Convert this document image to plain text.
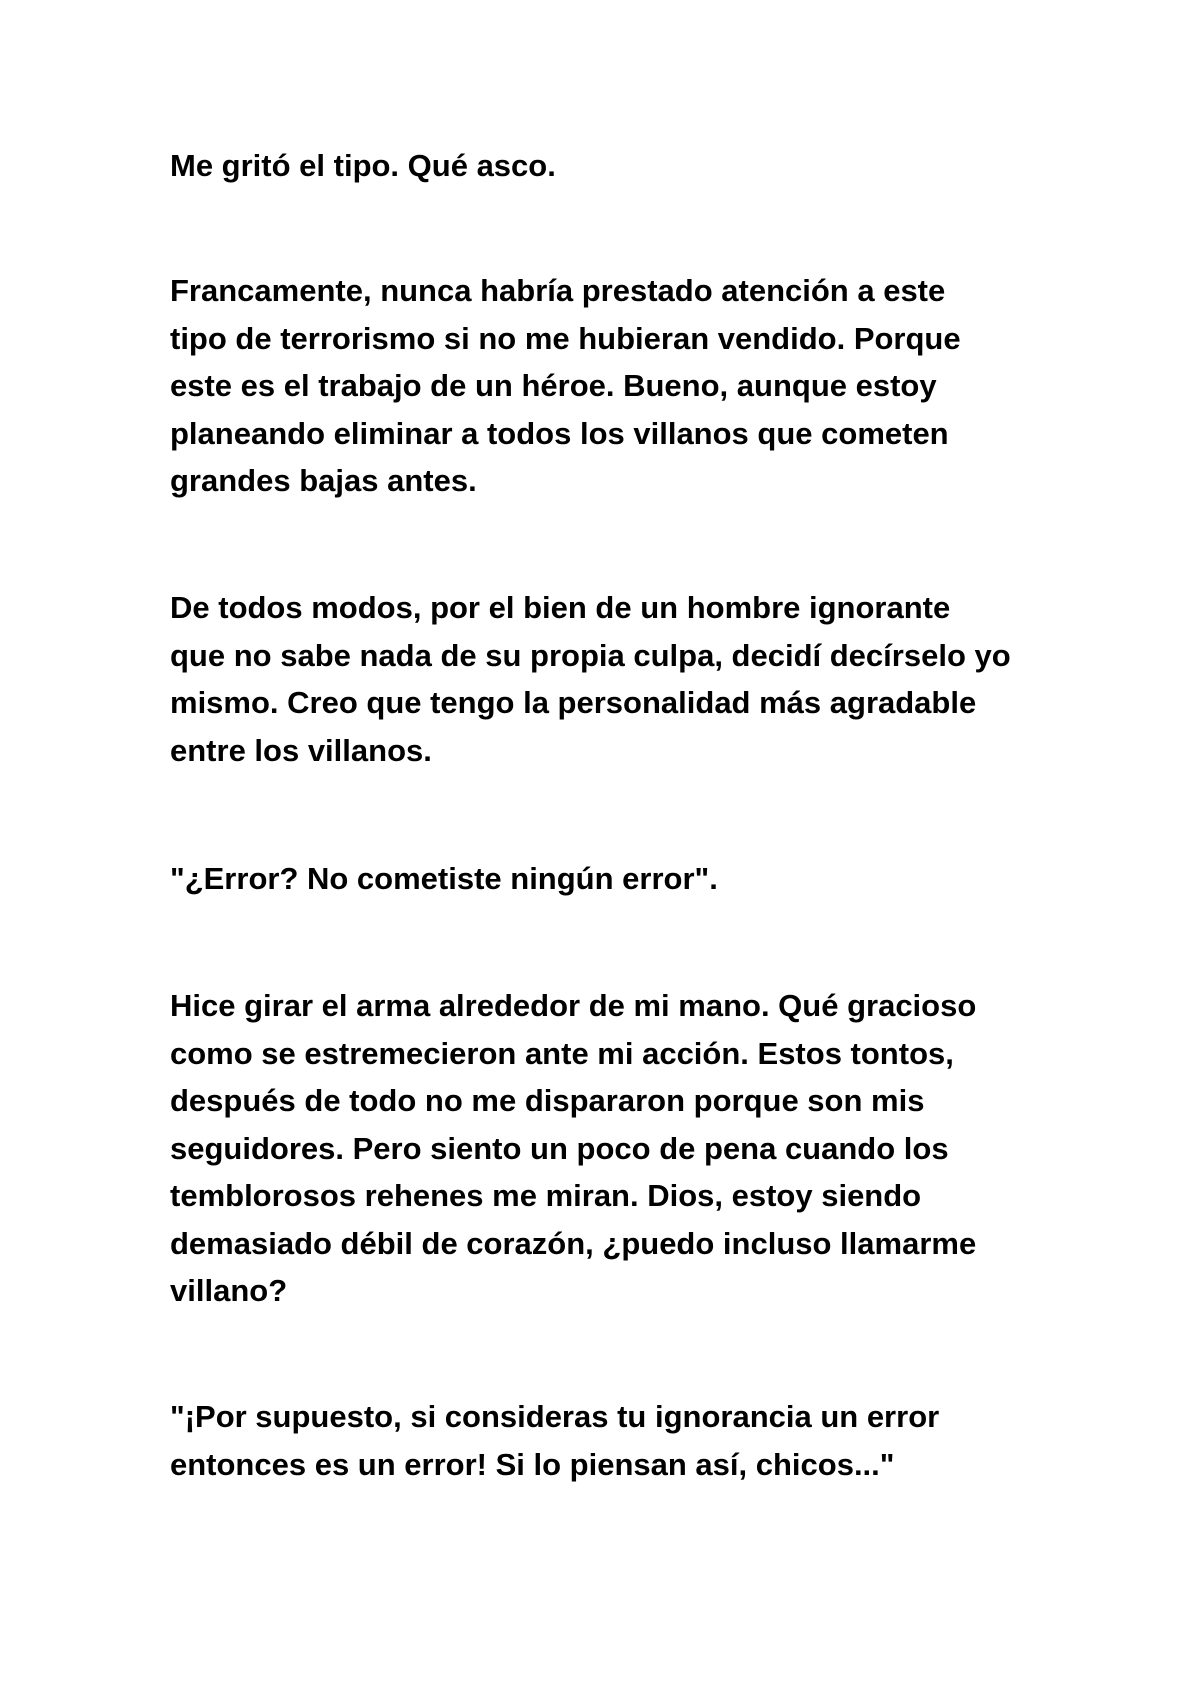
Me gritó el tipo. Qué asco.

Francamente, nunca habría prestado atención a este
tipo de terrorismo si no me hubieran vendido. Porque
este es el trabajo de un héroe. Bueno, aunque estoy
planeando eliminar a todos los villanos que cometen
grandes bajas antes.

De todos modos, por el bien de un hombre ignorante
que no sabe nada de su propia culpa, decidí decírselo yo
mismo. Creo que tengo la personalidad más agradable
entre los villanos.

"¿Error? No cometiste ningún error".

Hice girar el arma alrededor de mi mano. Qué gracioso
como se estremecieron ante mi acción. Estos tontos,
después de todo no me dispararon porque son mis
seguidores. Pero siento un poco de pena cuando los
temblorosos rehenes me miran. Dios, estoy siendo
demasiado débil de corazón, ¿puedo incluso llamarme
villano?

"¡Por supuesto, si consideras tu ignorancia un error
entonces es un error! Si lo piensan así, chicos..."
